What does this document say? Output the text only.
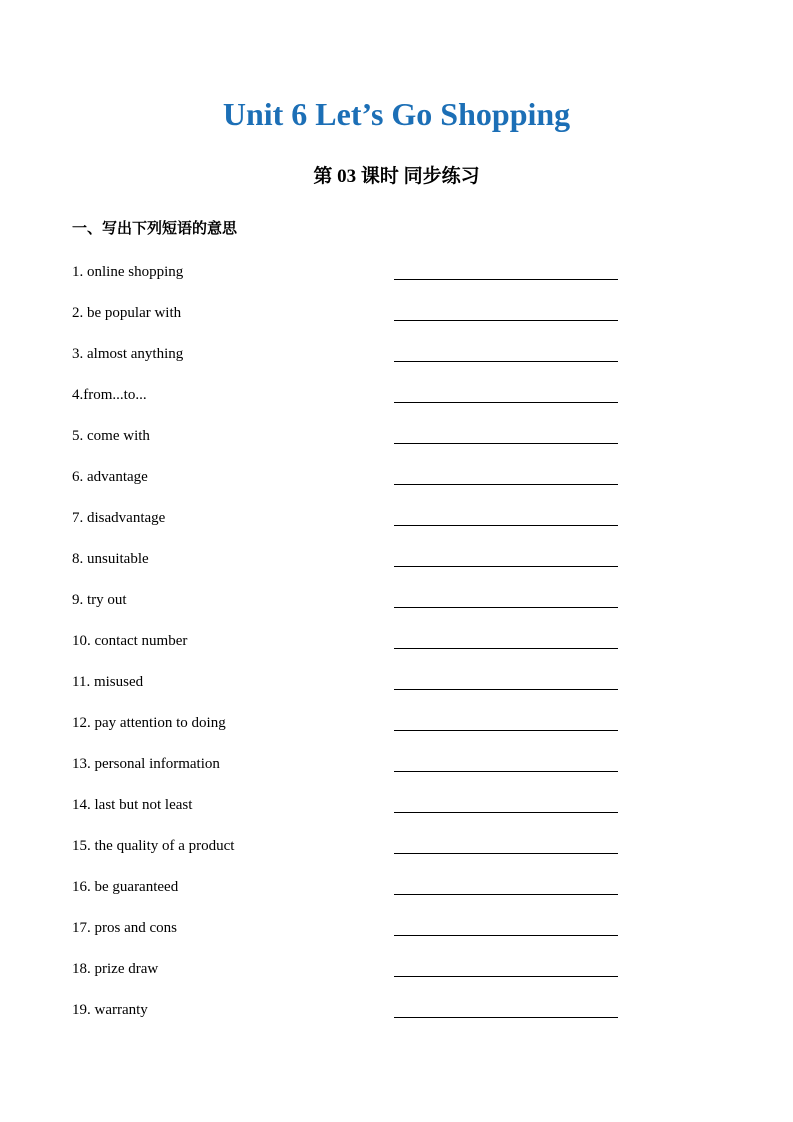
Unit 6 Let’s Go Shopping
第 03 课时 同步练习
一、写出下列短语的意思
1. online shopping
2. be popular with
3. almost anything
4.from...to...
5. come with
6. advantage
7. disadvantage
8. unsuitable
9. try out
10. contact number
11. misused
12. pay attention to doing
13. personal information
14. last but not least
15. the quality of a product
16. be guaranteed
17. pros and cons
18. prize draw
19. warranty
